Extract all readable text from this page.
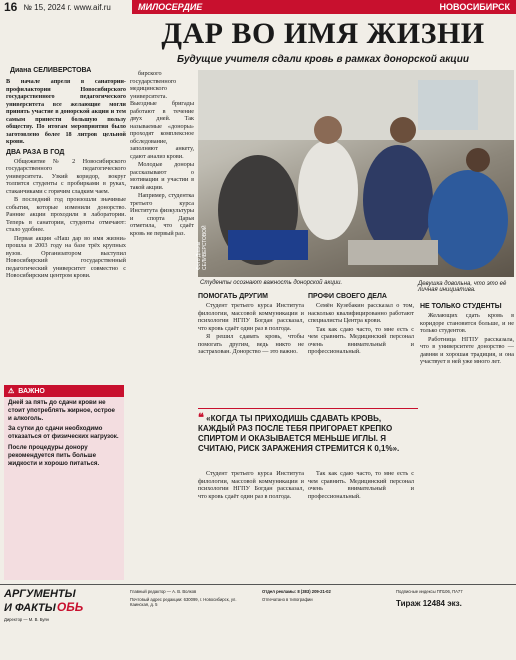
16 № 15, 2024 г. www.aif.ru	МИЛОСЕРДИЕ	НОВОСИБИРСК
ДАР ВО ИМЯ ЖИЗНИ
Будущие учителя сдали кровь в рамках донорской акции
Диана СЕЛИВЕРСТОВА

В начале апреля в санатории-профилактории Новосибирского государственного педагогического университета все желающие могли принять участие в донорской акции и тем самым принести большую пользу обществу. По итогам мероприятия было заготовлено более 18 литров цельной крови.

ДВА РАЗА В ГОД

Общежитие № 2 Новосибирского государственного педагогического университета. Узкий коридор, вокруг толпятся студенты с пробирками в руках, стаканчиками с горячим сладким чаем.

В последний год произошли значимые события, которые изменили донорство. Ранние акции проходили в лаборатории. Теперь в санатории, студенты отмечают: стало удобнее.

Первая акция «Наш дар во имя жизни» прошла в 2003 году на базе трёх крупных вузов. Организатором выступил Новосибирский государственный педагогический университет совместно с Новосибирским центром крови.

бирского государственного медицинского университета. Выездные бригады работают в течение двух дней. Так называемые «доноры» проходят комплексное обследование, заполняют анкету, сдают анализ крови.

Молодые доноры рассказывают о мотивации и участии в такой акции.

Например, студентка третьего курса Института физкультуры и спорта Дарья отметила, что сдаёт кровь не первый раз.

Фото Дианы СЕЛИВЕРСТОВОЙ
Студенты осознают важность донорской акции.	Девушка довольна, что это её личная инициатива.
ПОМОГАТЬ ДРУГИМ

Студент третьего курса Института филологии, массовой коммуникации и психологии НГПУ Богдан рассказал, что кровь сдаёт один раз в полгода.

Я решил сдавать кровь, чтобы помогать другим, ведь никто не застрахован. Донорство — это важно.

ПРОФИ СВОЕГО ДЕЛА

Семён Кузебакин рассказал о том, насколько квалифицированно работают специалисты Центра крови.

Так как сдаю часто, то мне есть с чем сравнить. Медицинский персонал очень внимательный и профессиональный.

❝ «КОГДА ТЫ ПРИХОДИШЬ СДАВАТЬ КРОВЬ, КАЖДЫЙ РАЗ ПОСЛЕ ТЕБЯ ПРИГОРАЕТ КРЕПКО СПИРТОМ И ОКАЗЫВАЕТСЯ МЕНЬШЕ ИГЛЫ. Я СЧИТАЮ, РИСК ЗАРАЖЕНИЯ СТРЕМИТСЯ К 0,1%».

Студент третьего курса Института филологии, массовой коммуникации и психологии НГПУ Богдан рассказал, что кровь сдаёт один раз в полгода.

Так как сдаю часто, то мне есть с чем сравнить. Медицинский персонал очень внимательный и профессиональный.

НЕ ТОЛЬКО СТУДЕНТЫ

Желающих сдать кровь в коридоре становится больше, и не только студентов.

Работница НГПУ рассказала, что в университете донорство — давняя и хорошая традиция, и она участвует в ней уже много лет.

⚠ ВАЖНО

Дней за пять до сдачи крови не стоит употреблять жирное, острое и алкоголь.

За сутки до сдачи необходимо отказаться от физических нагрузок.

После процедуры донору рекомендуется пить больше жидкости и хорошо питаться.

АРГУМЕНТЫ
И ФАКТЫ ОБЬ
Директор — М. В. Буян
Главный редактор — А. В. Волков
Почтовый адрес редакции: 630099, г. Новосибирск, ул. Каинская, д. 5
Отдел рекламы: 8 (383) 209-21-02
Отпечатано в типографии
Подписные индексы ПП106, ПА77
Тираж 12484 экз.
